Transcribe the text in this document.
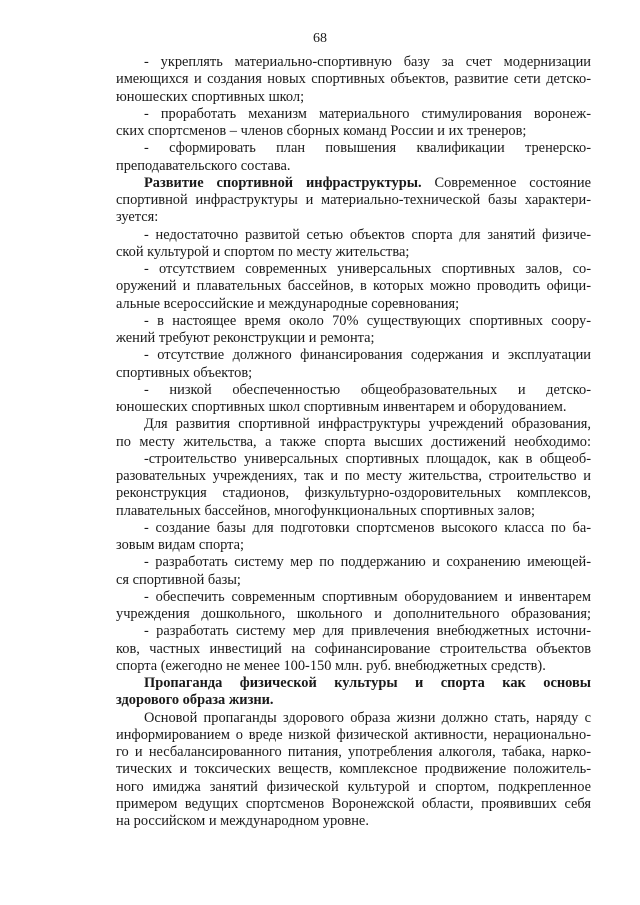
68
- укреплять материально-спортивную базу за счет модернизации
имеющихся и создания новых спортивных объектов, развитие сети детско-
юношеских спортивных школ;
- проработать механизм материального стимулирования воронеж-
ских спортсменов – членов сборных команд России и их тренеров;
- сформировать план повышения квалификации тренерско-
преподавательского состава.
Развитие спортивной инфраструктуры. Современное состояние
спортивной инфраструктуры и материально-технической базы характери-
зуется:
- недостаточно развитой сетью объектов спорта для занятий физиче-
ской культурой и спортом по месту жительства;
- отсутствием современных универсальных спортивных залов, со-
оружений и плавательных бассейнов, в которых можно проводить офици-
альные всероссийские и международные соревнования;
- в настоящее время около 70% существующих спортивных соору-
жений требуют реконструкции и ремонта;
- отсутствие должного финансирования содержания и эксплуатации
спортивных объектов;
- низкой обеспеченностью общеобразовательных и детско-
юношеских спортивных школ спортивным инвентарем и оборудованием.
Для развития спортивной инфраструктуры учреждений образования,
по месту жительства, а также спорта высших достижений необходимо:
-строительство универсальных спортивных площадок, как в общеоб-
разовательных учреждениях, так и по месту жительства, строительство и
реконструкция стадионов, физкультурно-оздоровительных комплексов,
плавательных бассейнов, многофункциональных спортивных залов;
- создание базы для подготовки спортсменов высокого класса по ба-
зовым видам спорта;
- разработать систему мер по поддержанию и сохранению имеющей-
ся спортивной базы;
- обеспечить современным спортивным оборудованием и инвентарем
учреждения дошкольного, школьного и дополнительного образования;
- разработать систему мер для привлечения внебюджетных источни-
ков, частных инвестиций на софинансирование строительства объектов
спорта (ежегодно не менее 100-150 млн. руб. внебюджетных средств).
Пропаганда физической культуры и спорта как основы
здорового образа жизни.
Основой пропаганды здорового образа жизни должно стать, наряду с
информированием о вреде низкой физической активности, нерационально-
го и несбалансированного питания, употребления алкоголя, табака, нарко-
тических и токсических веществ, комплексное продвижение положитель-
ного имиджа занятий физической культурой и спортом, подкрепленное
примером ведущих спортсменов Воронежской области, проявивших себя
на российском и международном уровне.
